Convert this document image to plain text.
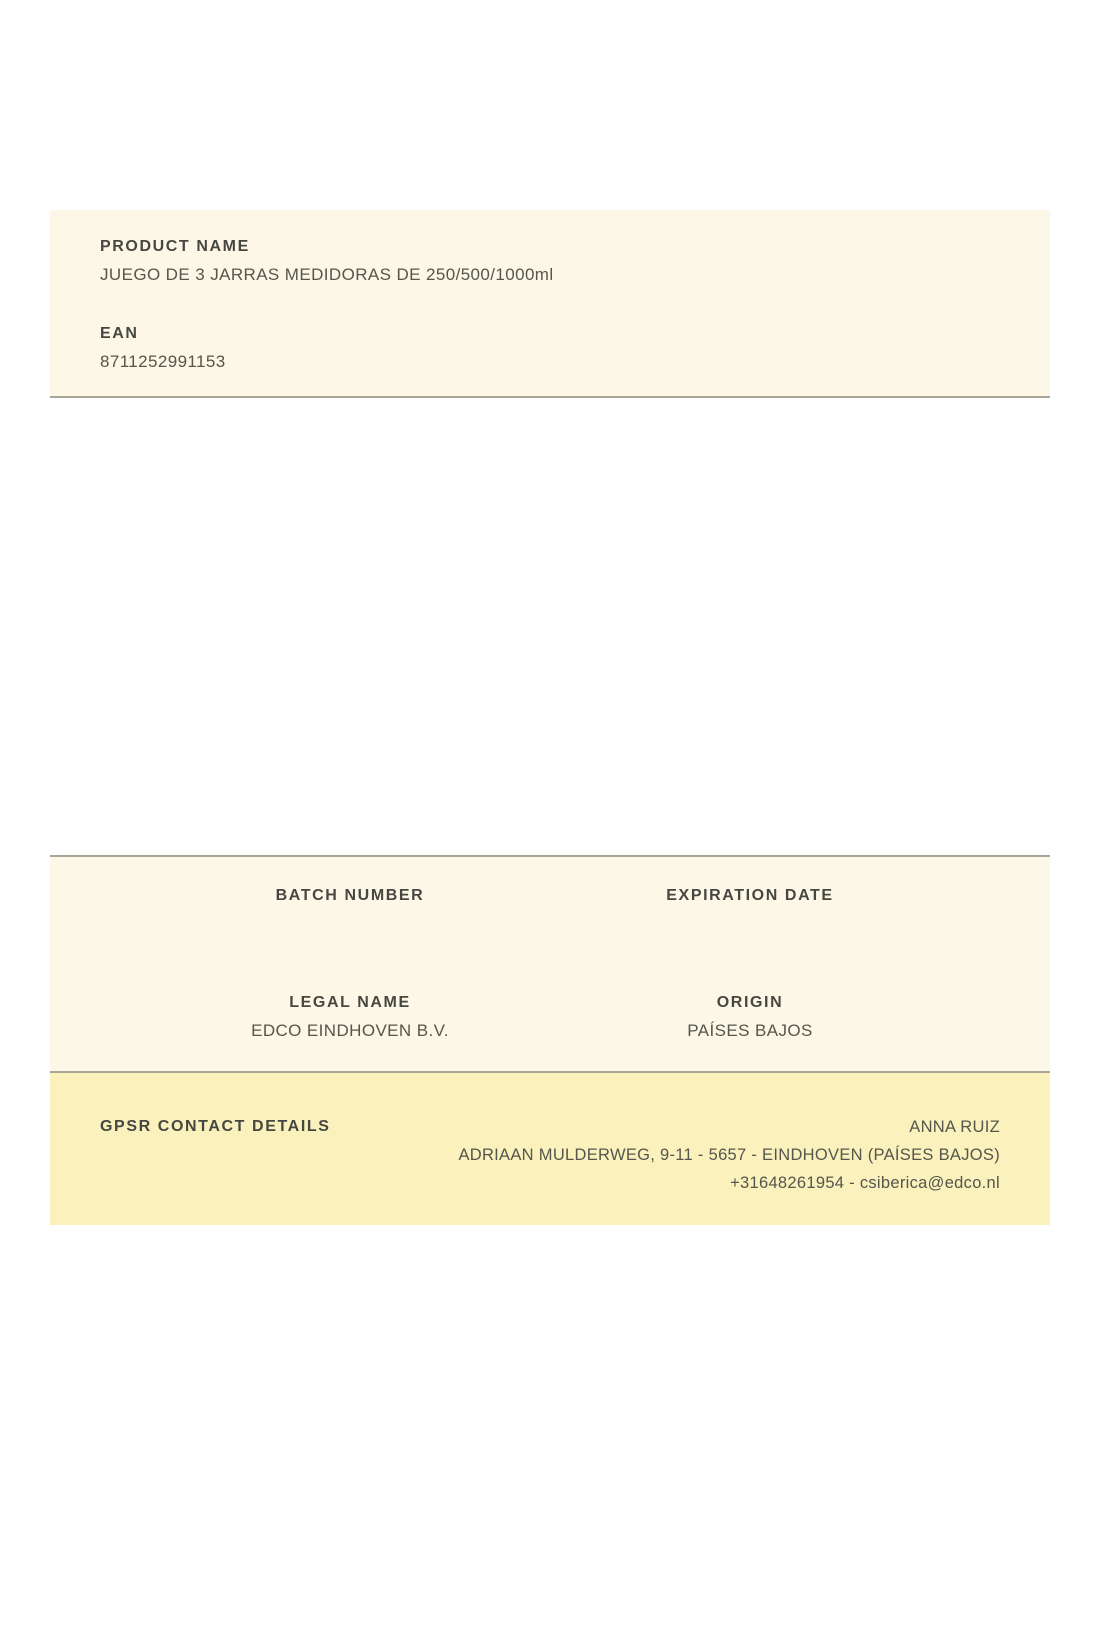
PRODUCT NAME
JUEGO DE 3 JARRAS MEDIDORAS DE 250/500/1000ml
EAN
8711252991153
BATCH NUMBER	EXPIRATION DATE
LEGAL NAME
EDCO EINDHOVEN B.V.
ORIGIN
PAÍSES BAJOS
GPSR CONTACT DETAILS	ANNA RUIZ
ADRIAAN MULDERWEG, 9-11 - 5657 - EINDHOVEN (PAÍSES BAJOS)
+31648261954 - csiberica@edco.nl
